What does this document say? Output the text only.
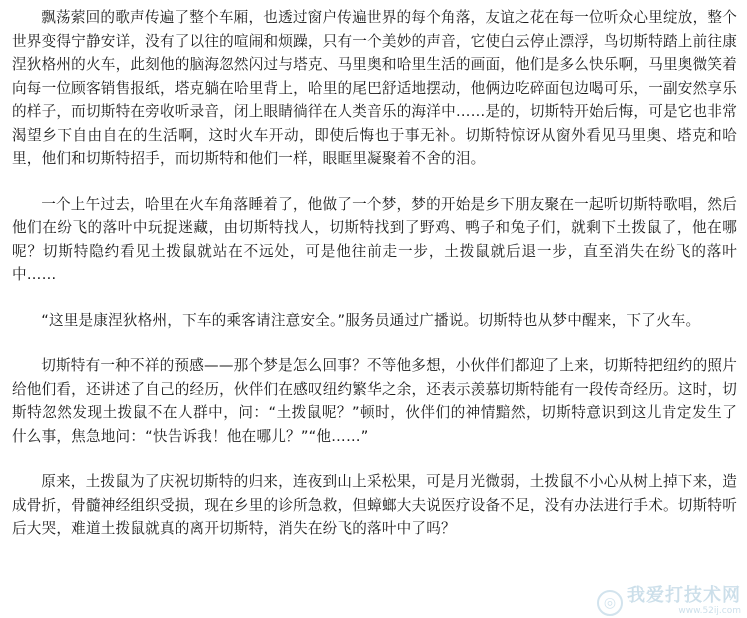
飘荡萦回的歌声传遍了整个车厢，也透过窗户传遍世界的每个角落，友谊之花在每一位听众心里绽放，整个世界变得宁静安详，没有了以往的喧闹和烦躁，只有一个美妙的声音，它使白云停止漂浮，鸟切斯特踏上前往康涅狄格州的火车，此刻他的脑海忽然闪过与塔克、马里奥和哈里生活的画面，他们是多么快乐啊，马里奥微笑着向每一位顾客销售报纸，塔克躺在哈里背上，哈里的尾巴舒适地摆动，他俩边吃碎面包边喝可乐，一副安然享乐的样子，而切斯特在旁收听录音，闭上眼睛徜徉在人类音乐的海洋中……是的，切斯特开始后悔，可是它也非常渴望乡下自由自在的生活啊，这时火车开动，即使后悔也于事无补。切斯特惊讶从窗外看见马里奥、塔克和哈里，他们和切斯特招手，而切斯特和他们一样，眼眶里凝聚着不舍的泪。

一个上午过去，哈里在火车角落睡着了，他做了一个梦，梦的开始是乡下朋友聚在一起听切斯特歌唱，然后他们在纷飞的落叶中玩捉迷藏，由切斯特找人，切斯特找到了野鸡、鸭子和兔子们，就剩下土拨鼠了，他在哪呢？切斯特隐约看见土拨鼠就站在不远处，可是他往前走一步，土拨鼠就后退一步，直至消失在纷飞的落叶中……

“这里是康涅狄格州，下车的乘客请注意安全。”服务员通过广播说。切斯特也从梦中醒来，下了火车。

切斯特有一种不祥的预感——那个梦是怎么回事？不等他多想，小伙伴们都迎了上来，切斯特把纽约的照片给他们看，还讲述了自己的经历，伙伴们在感叹纽约繁华之余，还表示羡慕切斯特能有一段传奇经历。这时，切斯特忽然发现土拨鼠不在人群中，问：“土拨鼠呢？”顿时，伙伴们的神情黯然，切斯特意识到这儿肯定发生了什么事，焦急地问：“快告诉我！他在哪儿？”“他……”

原来，土拨鼠为了庆祝切斯特的归来，连夜到山上采松果，可是月光微弱，土拨鼠不小心从树上掉下来，造成骨折，骨髓神经组织受损，现在乡里的诊所急救，但蟑螂大夫说医疗设备不足，没有办法进行手术。切斯特听后大哭，难道土拨鼠就真的离开切斯特，消失在纷飞的落叶中了吗？

◎ 我爱打技术网
www.52ij.com
